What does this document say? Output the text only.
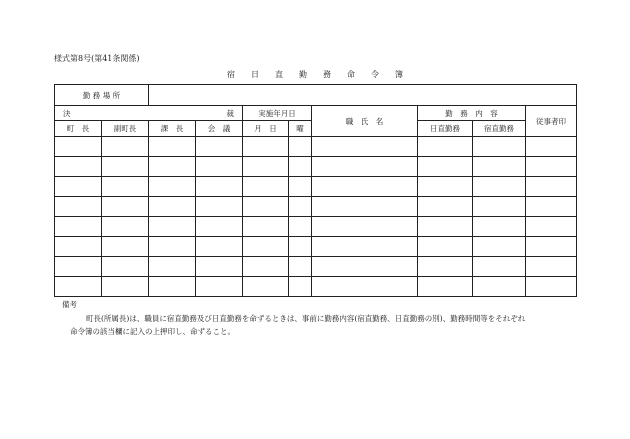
様式第8号(第41条関係)
宿 日 直 勤 務 命 令 簿
勤 務 場 所									

決 裁				実施年月日		職　氏　名	勤　務　内　容		従事者印
町　長	副町長	課　長	会　議	月　日	曜		日直勤務	宿直勤務	

備考
町長(所属長)は、職員に宿直勤務及び日直勤務を命ずるときは、事前に勤務内容(宿直勤務、日直勤務の別)、勤務時間等をそれぞれ
命令簿の該当欄に記入の上押印し、命ずること。
